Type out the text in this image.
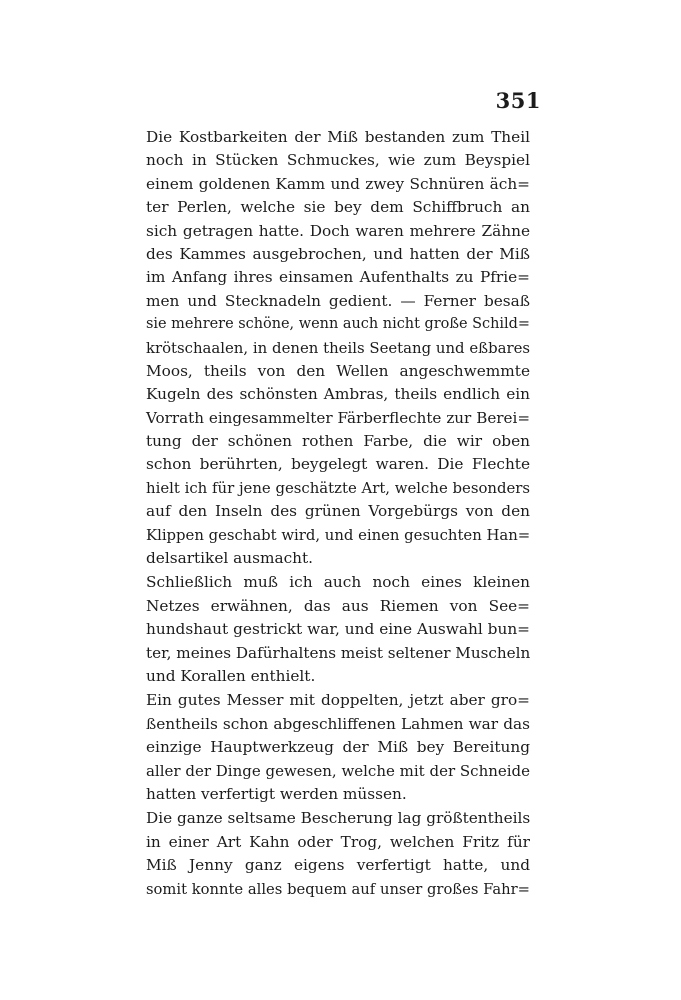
351

Die Kostbarkeiten der Miß bestanden zum Theil
noch in Stücken Schmuckes, wie zum Beyspiel
einem goldenen Kamm und zwey Schnüren äch=
ter Perlen, welche sie bey dem Schiffbruch an
sich getragen hatte. Doch waren mehrere Zähne
des Kammes ausgebrochen, und hatten der Miß
im Anfang ihres einsamen Aufenthalts zu Pfrie=
men und Stecknadeln gedient. — Ferner besaß
sie mehrere schöne, wenn auch nicht große Schild=
krötschaalen, in denen theils Seetang und eßbares
Moos, theils von den Wellen angeschwemmte
Kugeln des schönsten Ambras, theils endlich ein
Vorrath eingesammelter Färberflechte zur Berei=
tung der schönen rothen Farbe, die wir oben
schon berührten, beygelegt waren. Die Flechte
hielt ich für jene geschätzte Art, welche besonders
auf den Inseln des grünen Vorgebürgs von den
Klippen geschabt wird, und einen gesuchten Han=
delsartikel ausmacht.

Schließlich muß ich auch noch eines kleinen
Netzes erwähnen, das aus Riemen von See=
hundshaut gestrickt war, und eine Auswahl bun=
ter, meines Dafürhaltens meist seltener Muscheln
und Korallen enthielt.

Ein gutes Messer mit doppelten, jetzt aber gro=
ßentheils schon abgeschliffenen Lahmen war das
einzige Hauptwerkzeug der Miß bey Bereitung
aller der Dinge gewesen, welche mit der Schneide
hatten verfertigt werden müssen.

Die ganze seltsame Bescherung lag größtentheils
in einer Art Kahn oder Trog, welchen Fritz für
Miß Jenny ganz eigens verfertigt hatte, und
somit konnte alles bequem auf unser großes Fahr=
